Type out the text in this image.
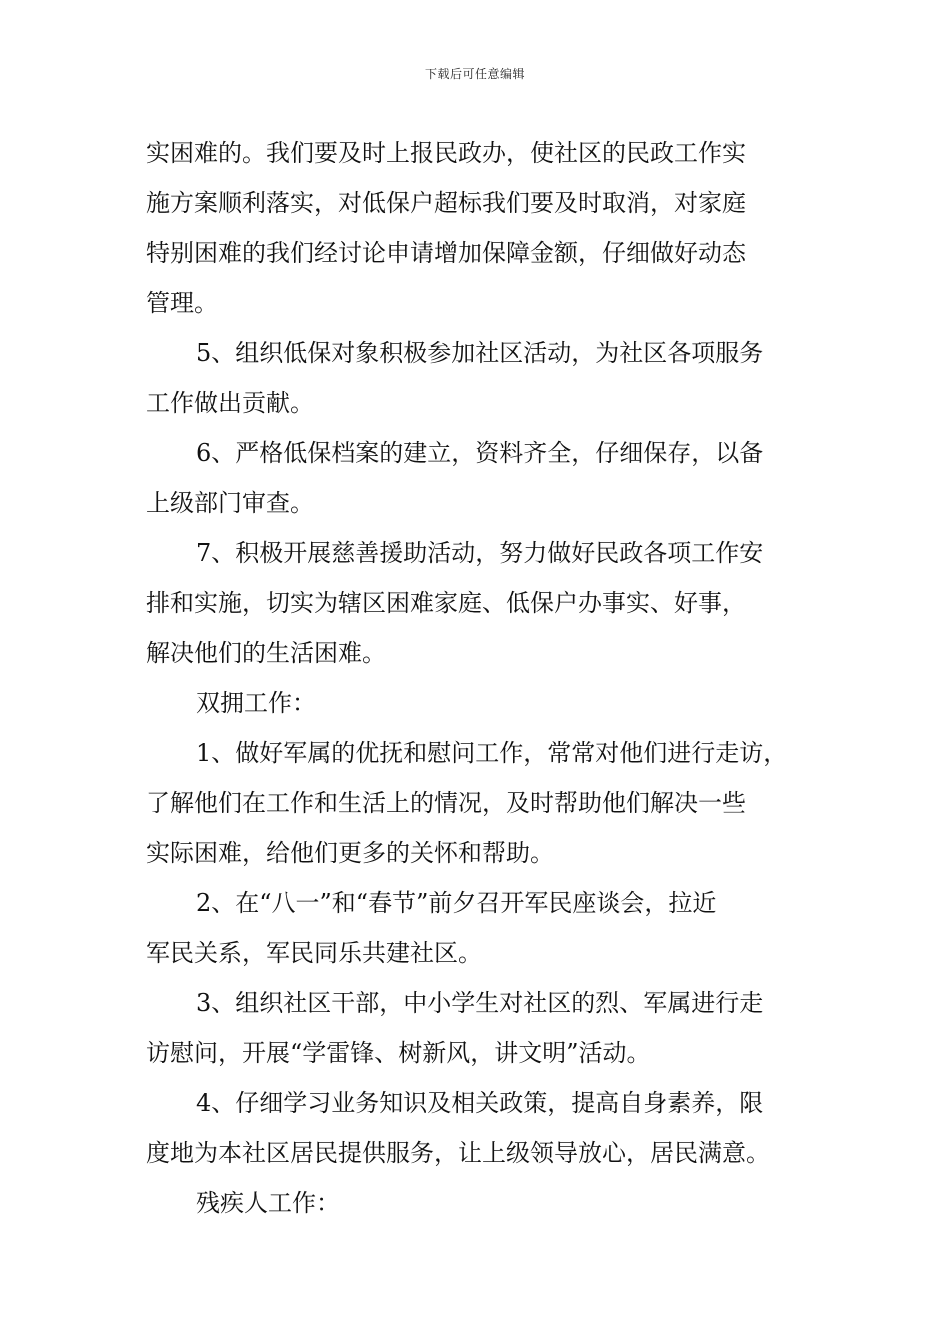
下载后可任意编辑
实困难的。我们要及时上报民政办，使社区的民政工作实
施方案顺利落实，对低保户超标我们要及时取消，对家庭
特别困难的我们经讨论申请增加保障金额，仔细做好动态
管理。
5、组织低保对象积极参加社区活动，为社区各项服务
工作做出贡献。
6、严格低保档案的建立，资料齐全，仔细保存，以备
上级部门审查。
7、积极开展慈善援助活动，努力做好民政各项工作安
排和实施，切实为辖区困难家庭、低保户办事实、好事，
解决他们的生活困难。
双拥工作：
1、做好军属的优抚和慰问工作，常常对他们进行走访，
了解他们在工作和生活上的情况，及时帮助他们解决一些
实际困难，给他们更多的关怀和帮助。
2、在“八一”和“春节”前夕召开军民座谈会，拉近
军民关系，军民同乐共建社区。
3、组织社区干部，中小学生对社区的烈、军属进行走
访慰问，开展“学雷锋、树新风，讲文明”活动。
4、仔细学习业务知识及相关政策，提高自身素养，限
度地为本社区居民提供服务，让上级领导放心，居民满意。
残疾人工作：
